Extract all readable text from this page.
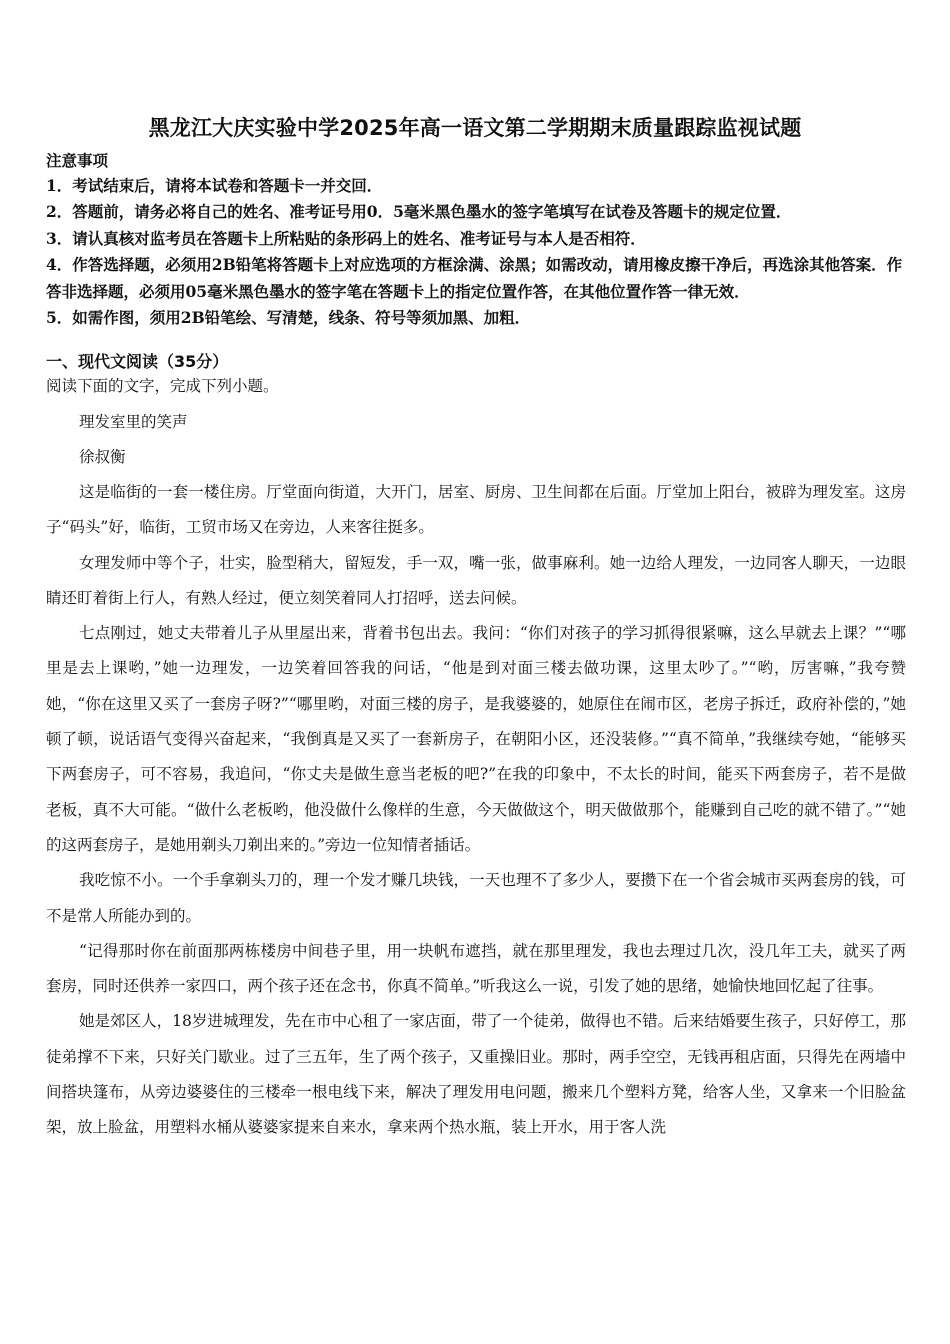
黑龙江大庆实验中学2025年高一语文第二学期期末质量跟踪监视试题
注意事项
1．考试结束后，请将本试卷和答题卡一并交回．
2．答题前，请务必将自己的姓名、准考证号用0．5毫米黑色墨水的签字笔填写在试卷及答题卡的规定位置．
3．请认真核对监考员在答题卡上所粘贴的条形码上的姓名、准考证号与本人是否相符．
4．作答选择题，必须用2B铅笔将答题卡上对应选项的方框涂满、涂黑；如需改动，请用橡皮擦干净后，再选涂其他答案．作答非选择题，必须用05毫米黑色墨水的签字笔在答题卡上的指定位置作答，在其他位置作答一律无效．
5．如需作图，须用2B铅笔绘、写清楚，线条、符号等须加黑、加粗．
一、现代文阅读（35分）
阅读下面的文字，完成下列小题。
理发室里的笑声
徐叔衡
这是临街的一套一楼住房。厅堂面向街道，大开门，居室、厨房、卫生间都在后面。厅堂加上阳台，被辟为理发室。这房子“码头”好，临街，工贸市场又在旁边，人来客往挺多。
女理发师中等个子，壮实，脸型稍大，留短发，手一双，嘴一张，做事麻利。她一边给人理发，一边同客人聊天，一边眼睛还盯着街上行人，有熟人经过，便立刻笑着同人打招呼，送去问候。
七点刚过，她丈夫带着儿子从里屋出来，背着书包出去。我问：“你们对孩子的学习抓得很紧嘛，这么早就去上课？”“哪里是去上课哟，”她一边理发，一边笑着回答我的问话，“他是到对面三楼去做功课，这里太吵了。”“哟，厉害嘛，”我夸赞她，“你在这里又买了一套房子呀?”“哪里哟，对面三楼的房子，是我婆婆的，她原住在闹市区，老房子拆迁，政府补偿的，”她顿了顿，说话语气变得兴奋起来，“我倒真是又买了一套新房子，在朝阳小区，还没装修。”“真不简单，”我继续夸她，“能够买下两套房子，可不容易，我追问，“你丈夫是做生意当老板的吧?”在我的印象中，不太长的时间，能买下两套房子，若不是做老板，真不大可能。“做什么老板哟，他没做什么像样的生意，今天做做这个，明天做做那个，能赚到自己吃的就不错了。”“她的这两套房子，是她用剃头刀剃出来的。”旁边一位知情者插话。
我吃惊不小。一个手拿剃头刀的，理一个发才赚几块钱，一天也理不了多少人，要攒下在一个省会城市买两套房的钱，可不是常人所能办到的。
“记得那时你在前面那两栋楼房中间巷子里，用一块帆布遮挡，就在那里理发，我也去理过几次，没几年工夫，就买了两套房，同时还供养一家四口，两个孩子还在念书，你真不简单。”听我这么一说，引发了她的思绪，她愉快地回忆起了往事。
她是郊区人，18岁进城理发，先在市中心租了一家店面，带了一个徒弟，做得也不错。后来结婚要生孩子，只好停工，那徒弟撑不下来，只好关门歇业。过了三五年，生了两个孩子，又重操旧业。那时，两手空空，无钱再租店面，只得先在两墙中间搭块篷布，从旁边婆婆住的三楼牵一根电线下来，解决了理发用电问题，搬来几个塑料方凳，给客人坐，又拿来一个旧脸盆架，放上脸盆，用塑料水桶从婆婆家提来自来水，拿来两个热水瓶，装上开水，用于客人洗
